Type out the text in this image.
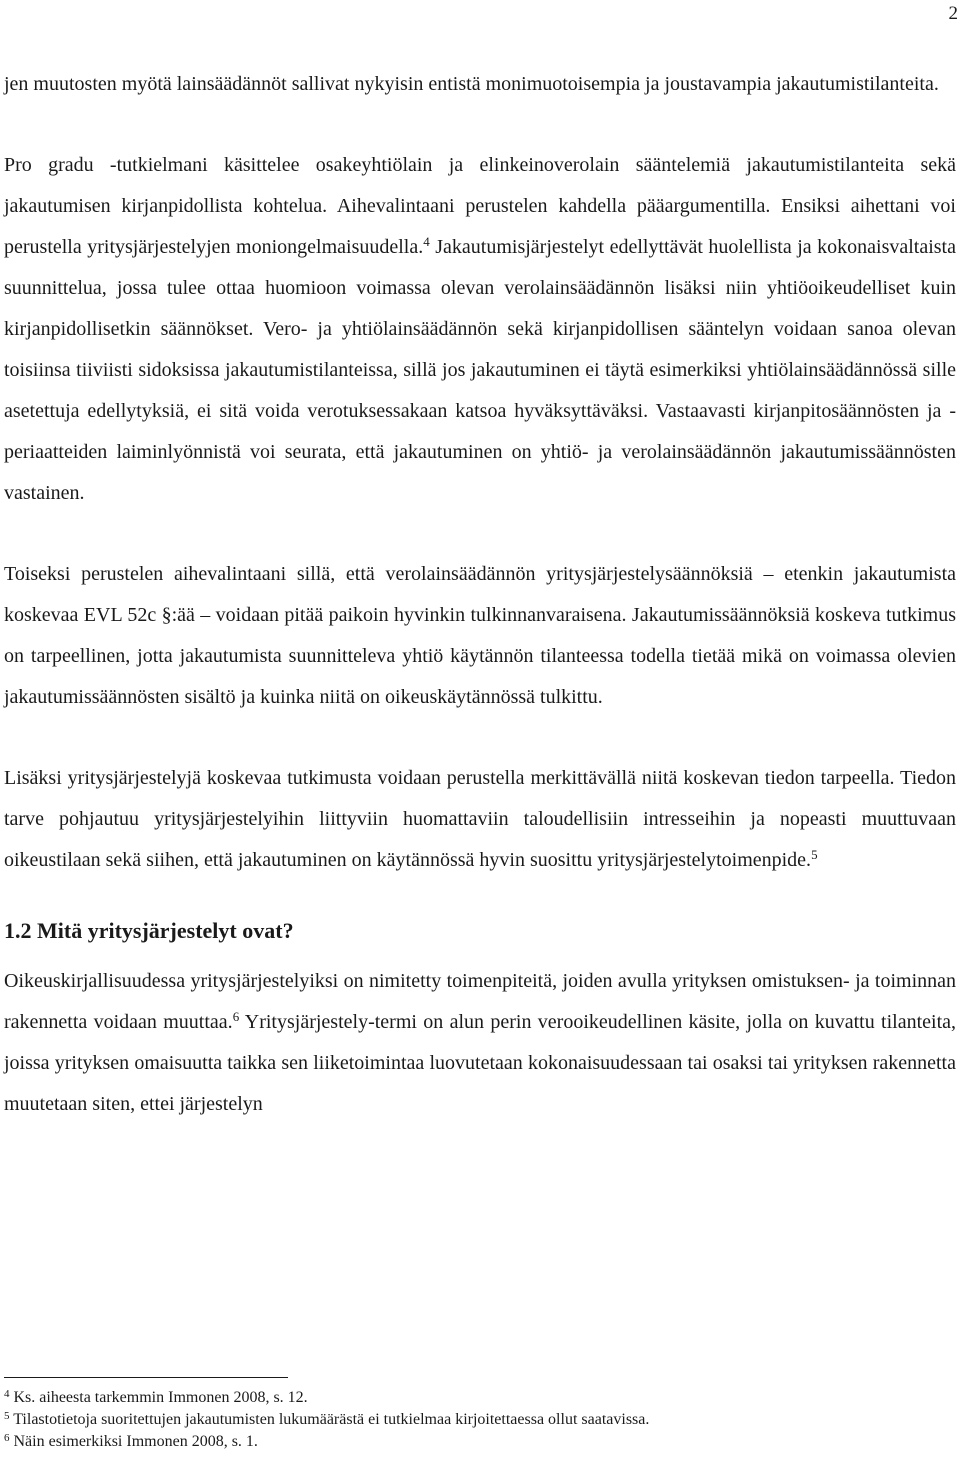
2

jen muutosten myötä lainsäädännöt sallivat nykyisin entistä monimuotoisempia ja joustavampia jakautumistilanteita.

Pro gradu -tutkielmani käsittelee osakeyhtiölain ja elinkeinoverolain sääntelemiä jakautumistilanteita sekä jakautumisen kirjanpidollista kohtelua. Aihevalintaani perustelen kahdella pääargumentilla. Ensiksi aihettani voi perustella yritysjärjestelyjen moniongelmaisuudella.$^4$ Jakautumisjärjestelyt edellyttävät huolellista ja kokonaisvaltaista suunnittelua, jossa tulee ottaa huomioon voimassa olevan verolainsäädännön lisäksi niin yhtiöoikeudelliset kuin kirjanpidollisetkin säännökset. Vero- ja yhtiölainsäädännön sekä kirjanpidollisen sääntelyn voidaan sanoa olevan toisiinsa tiiviisti sidoksissa jakautumistilanteissa, sillä jos jakautuminen ei täytä esimerkiksi yhtiölainsäädännössä sille asetettuja edellytyksiä, ei sitä voida verotuksessakaan katsoa hyväksyttäväksi. Vastaavasti kirjanpitosäännösten ja -periaatteiden laiminlyönnistä voi seurata, että jakautuminen on yhtiö- ja verolainsäädännön jakautumissäännösten vastainen.

Toiseksi perustelen aihevalintaani sillä, että verolainsäädännön yritysjärjestelysäännöksiä – etenkin jakautumista koskevaa EVL 52c §:ää – voidaan pitää paikoin hyvinkin tulkinnanvaraisena. Jakautumissäännöksiä koskeva tutkimus on tarpeellinen, jotta jakautumista suunnitteleva yhtiö käytännön tilanteessa todella tietää mikä on voimassa olevien jakautumissäännösten sisältö ja kuinka niitä on oikeuskäytännössä tulkittu.

Lisäksi yritysjärjestelyjä koskevaa tutkimusta voidaan perustella merkittävällä niitä koskevan tiedon tarpeella. Tiedon tarve pohjautuu yritysjärjestelyihin liittyviin huomattaviin taloudellisiin intresseihin ja nopeasti muuttuvaan oikeustilaan sekä siihen, että jakautuminen on käytännössä hyvin suosittu yritysjärjestelytoimenpide.$^5$

1.2 Mitä yritysjärjestelyt ovat?

Oikeuskirjallisuudessa yritysjärjestelyiksi on nimitetty toimenpiteitä, joiden avulla yrityksen omistuksen- ja toiminnan rakennetta voidaan muuttaa.$^6$ Yritysjärjestely-termi on alun perin verooikeudellinen käsite, jolla on kuvattu tilanteita, joissa yrityksen omaisuutta taikka sen liiketoimintaa luovutetaan kokonaisuudessaan tai osaksi tai yrityksen rakennetta muutetaan siten, ettei järjestelyn

$^4$ Ks. aiheesta tarkemmin Immonen 2008, s. 12.
$^5$ Tilastotietoja suoritettujen jakautumisten lukumäärästä ei tutkielmaa kirjoitettaessa ollut saatavissa.
$^6$ Näin esimerkiksi Immonen 2008, s. 1.
